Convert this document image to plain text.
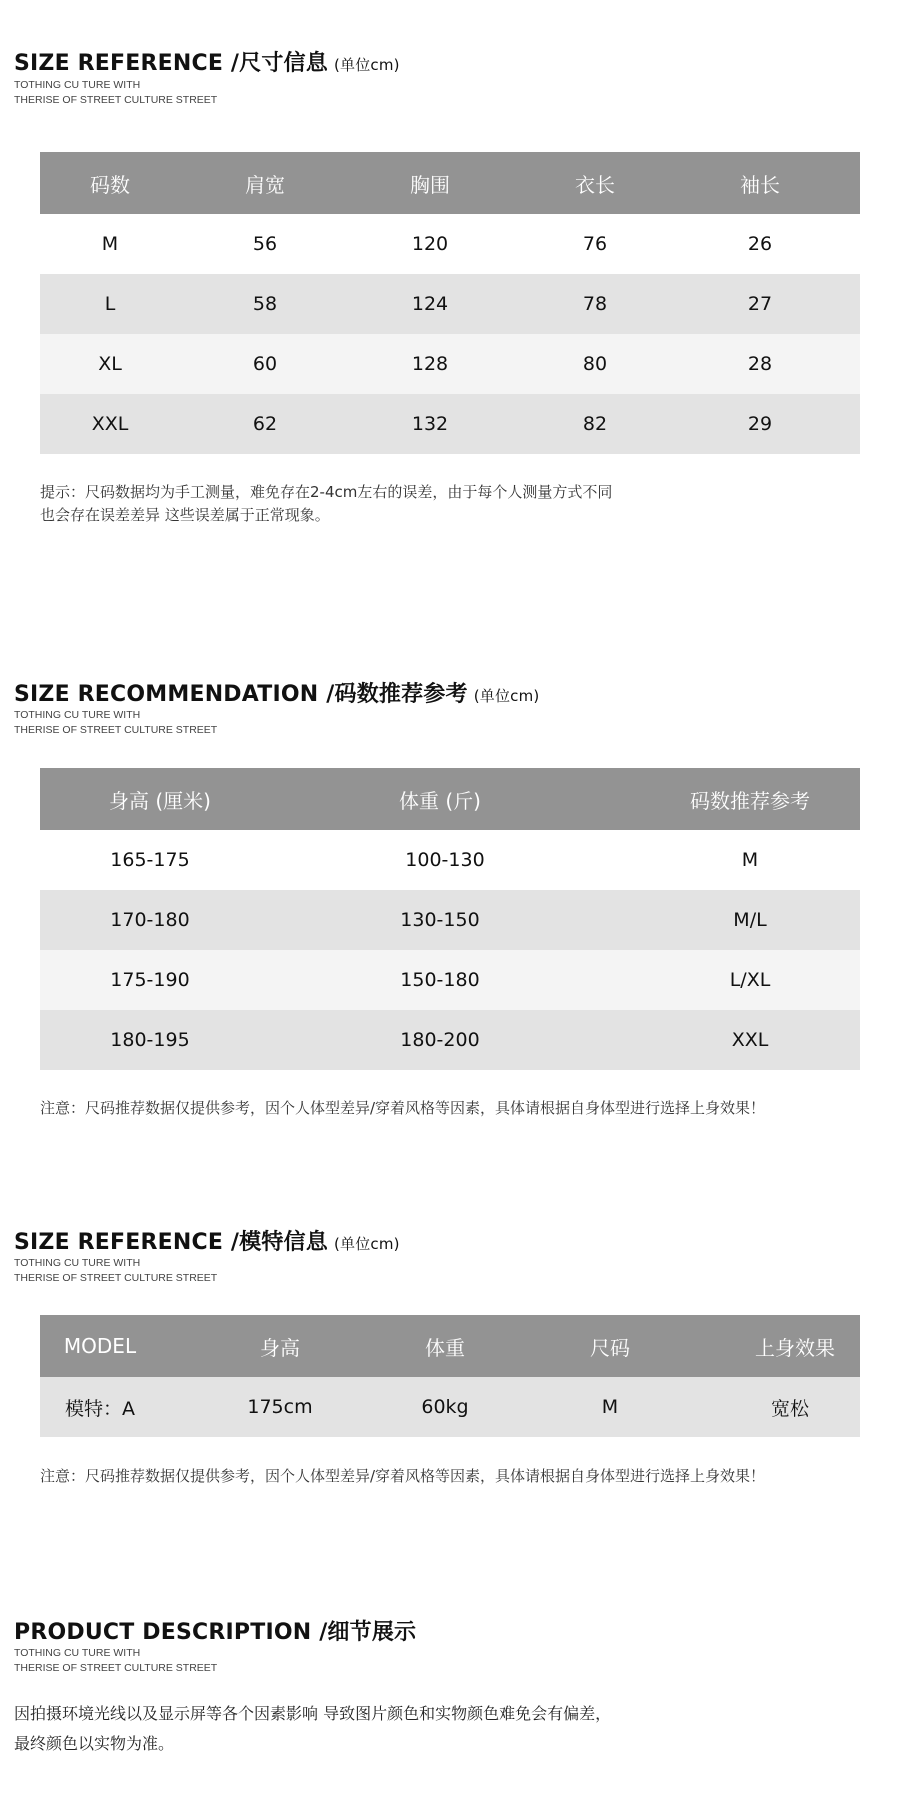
SIZE REFERENCE /尺寸信息 (单位cm)
TOTHING CU TURE WITH
THERISE OF STREET CULTURE STREET
码数	肩宽	胸围	衣长	袖长
M	56	120	76	26
L	58	124	78	27
XL	60	128	80	28
XXL	62	132	82	29
提示：尺码数据均为手工测量，难免存在2-4cm左右的误差，由于每个人测量方式不同
也会存在误差差异 这些误差属于正常现象。
SIZE RECOMMENDATION /码数推荐参考 (单位cm)
TOTHING CU TURE WITH
THERISE OF STREET CULTURE STREET
身高 (厘米)	体重 (斤)	码数推荐参考
165-175	100-130	M
170-180	130-150	M/L
175-190	150-180	L/XL
180-195	180-200	XXL
注意：尺码推荐数据仅提供参考，因个人体型差异/穿着风格等因素，具体请根据自身体型进行选择上身效果！
SIZE REFERENCE /模特信息 (单位cm)
TOTHING CU TURE WITH
THERISE OF STREET CULTURE STREET
MODEL	身高	体重	尺码	上身效果
模特：A	175cm	60kg	M	宽松
注意：尺码推荐数据仅提供参考，因个人体型差异/穿着风格等因素，具体请根据自身体型进行选择上身效果！
PRODUCT DESCRIPTION /细节展示
TOTHING CU TURE WITH
THERISE OF STREET CULTURE STREET
因拍摄环境光线以及显示屏等各个因素影响 导致图片颜色和实物颜色难免会有偏差，
最终颜色以实物为准。
